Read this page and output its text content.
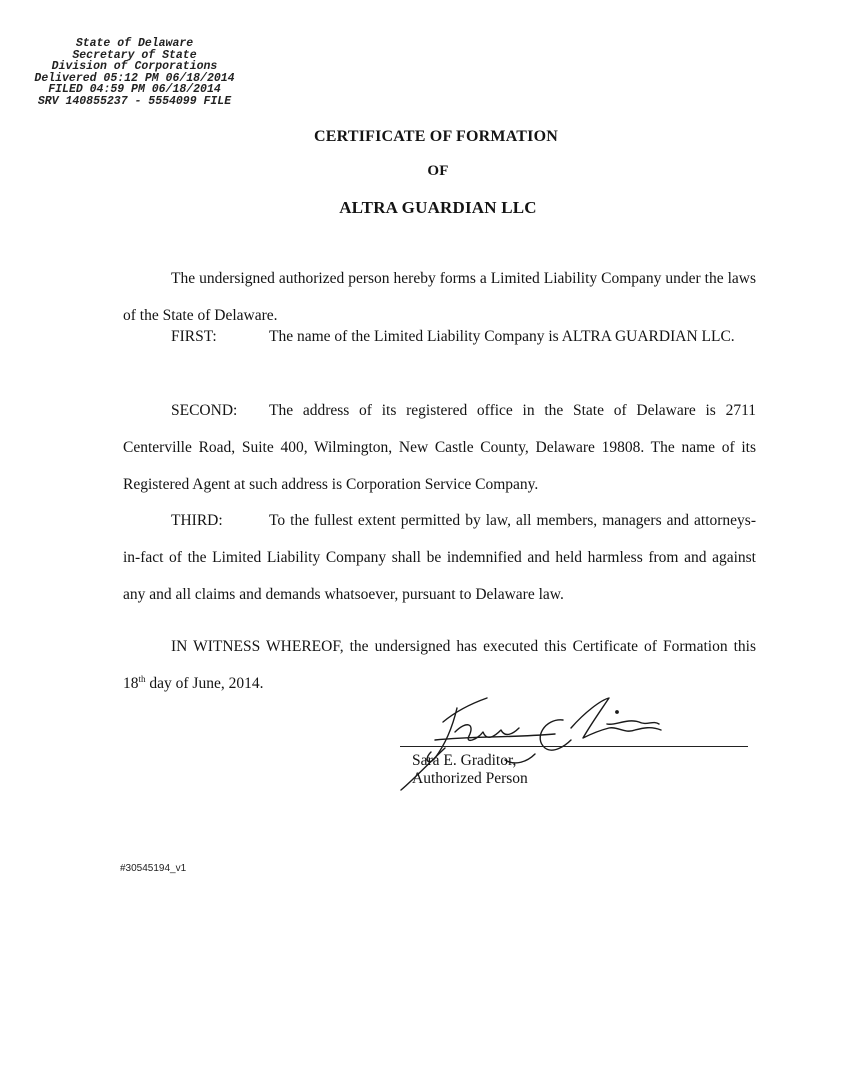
State of Delaware
Secretary of State
Division of Corporations
Delivered 05:12 PM 06/18/2014
FILED 04:59 PM 06/18/2014
SRV 140855237 - 5554099 FILE
CERTIFICATE OF FORMATION
OF
ALTRA GUARDIAN LLC

The undersigned authorized person hereby forms a Limited Liability Company under the laws of the State of Delaware.

FIRST:	The name of the Limited Liability Company is ALTRA GUARDIAN LLC.
SECOND: The address of its registered office in the State of Delaware is 2711 Centerville Road, Suite 400, Wilmington, New Castle County, Delaware 19808. The name of its Registered Agent at such address is Corporation Service Company.
THIRD:	To the fullest extent permitted by law, all members, managers and attorneys-in-fact of the Limited Liability Company shall be indemnified and held harmless from and against any and all claims and demands whatsoever, pursuant to Delaware law.

IN WITNESS WHEREOF, the undersigned has executed this Certificate of Formation this 18th day of June, 2014.

Sara E. Graditor,
Authorized Person
#30545194_v1
